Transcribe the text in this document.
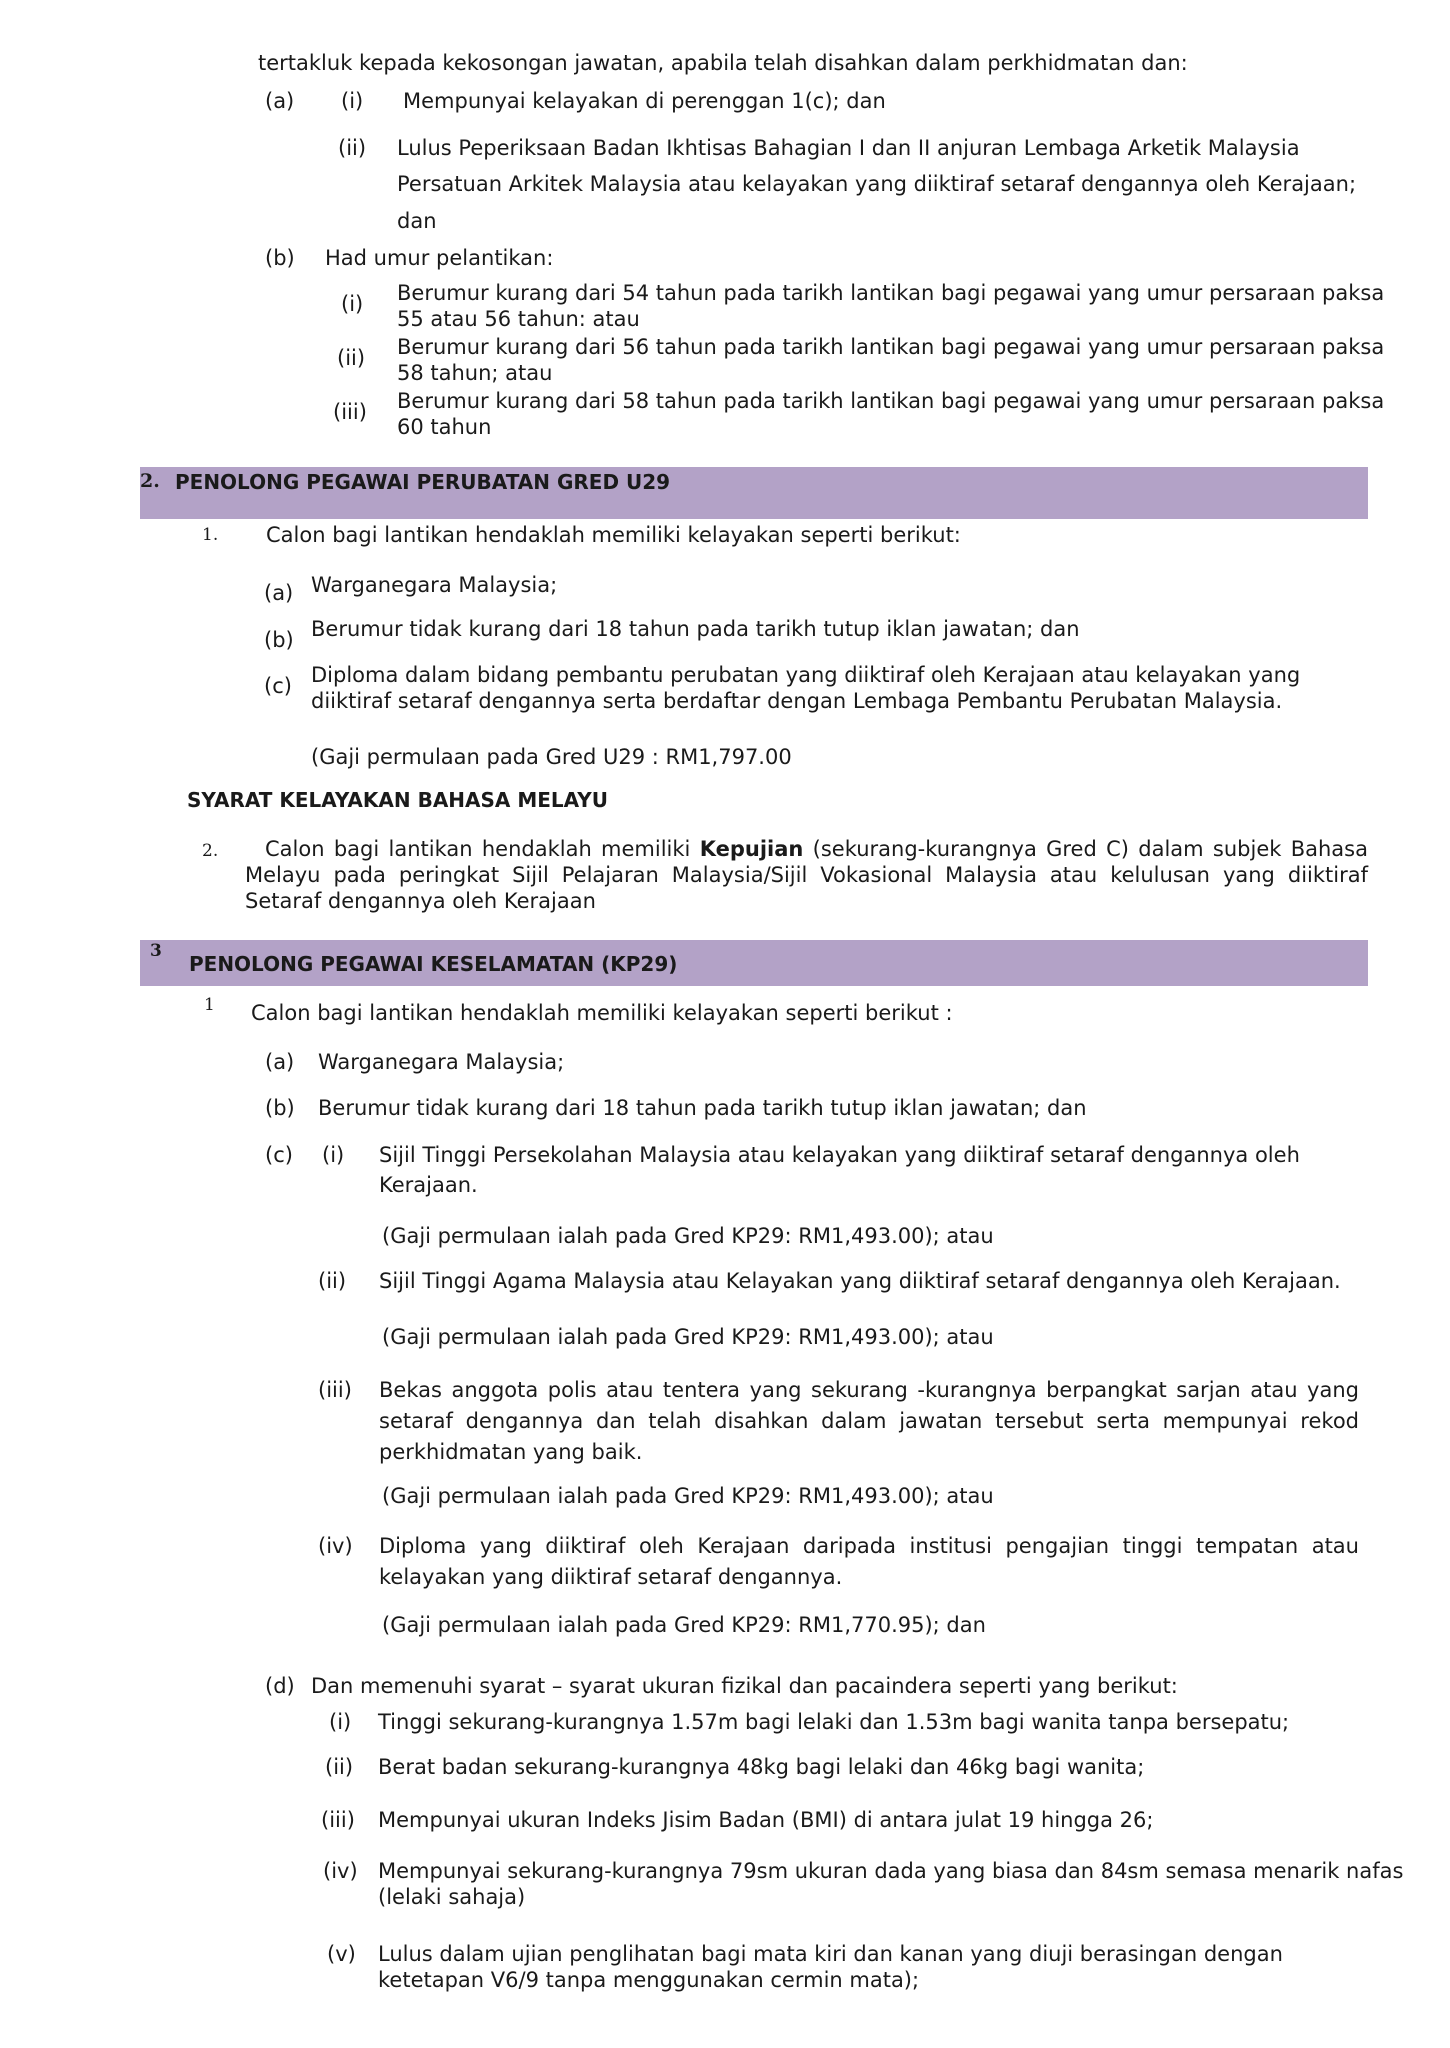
tertakluk kepada kekosongan jawatan, apabila telah disahkan dalam perkhidmatan dan:
(a) (i) Mempunyai kelayakan di perenggan 1(c); dan
(ii) Lulus Peperiksaan Badan Ikhtisas Bahagian I dan II anjuran Lembaga Arketik Malaysia
Persatuan Arkitek Malaysia atau kelayakan yang diiktiraf setaraf dengannya oleh Kerajaan;
dan
(b) Had umur pelantikan:
(i) Berumur kurang dari 54 tahun pada tarikh lantikan bagi pegawai yang umur persaraan paksa
55 atau 56 tahun: atau
(ii) Berumur kurang dari 56 tahun pada tarikh lantikan bagi pegawai yang umur persaraan paksa
58 tahun; atau
(iii) Berumur kurang dari 58 tahun pada tarikh lantikan bagi pegawai yang umur persaraan paksa
60 tahun
2. PENOLONG PEGAWAI PERUBATAN GRED U29
1. Calon bagi lantikan hendaklah memiliki kelayakan seperti berikut:
(a) Warganegara Malaysia;
(b) Berumur tidak kurang dari 18 tahun pada tarikh tutup iklan jawatan; dan
(c) Diploma dalam bidang pembantu perubatan yang diiktiraf oleh Kerajaan atau kelayakan yang
diiktiraf setaraf dengannya serta berdaftar dengan Lembaga Pembantu Perubatan Malaysia.
(Gaji permulaan pada Gred U29 : RM1,797.00
SYARAT KELAYAKAN BAHASA MELAYU
2.	Calon bagi lantikan hendaklah memiliki Kepujian (sekurang-kurangnya Gred C) dalam subjek Bahasa Melayu pada peringkat Sijil Pelajaran Malaysia/Sijil Vokasional Malaysia atau kelulusan yang diiktiraf Setaraf dengannya oleh Kerajaan
3
PENOLONG PEGAWAI KESELAMATAN (KP29)
1 Calon bagi lantikan hendaklah memiliki kelayakan seperti berikut :
(a) Warganegara Malaysia;
(b) Berumur tidak kurang dari 18 tahun pada tarikh tutup iklan jawatan; dan
(c) (i) Sijil Tinggi Persekolahan Malaysia atau kelayakan yang diiktiraf setaraf dengannya oleh Kerajaan.
(Gaji permulaan ialah pada Gred KP29: RM1,493.00); atau
(ii) Sijil Tinggi Agama Malaysia atau Kelayakan yang diiktiraf setaraf dengannya oleh Kerajaan.
(Gaji permulaan ialah pada Gred KP29: RM1,493.00); atau
(iii) Bekas anggota polis atau tentera yang sekurang -kurangnya berpangkat sarjan atau yang setaraf dengannya dan telah disahkan dalam jawatan tersebut serta mempunyai rekod perkhidmatan yang baik.
(Gaji permulaan ialah pada Gred KP29: RM1,493.00); atau
(iv) Diploma yang diiktiraf oleh Kerajaan daripada institusi pengajian tinggi tempatan atau kelayakan yang diiktiraf setaraf dengannya.
(Gaji permulaan ialah pada Gred KP29: RM1,770.95); dan
(d) Dan memenuhi syarat – syarat ukuran fizikal dan pacaindera seperti yang berikut:
(i) Tinggi sekurang-kurangnya 1.57m bagi lelaki dan 1.53m bagi wanita tanpa bersepatu;
(ii) Berat badan sekurang-kurangnya 48kg bagi lelaki dan 46kg bagi wanita;
(iii) Mempunyai ukuran Indeks Jisim Badan (BMI) di antara julat 19 hingga 26;
(iv) Mempunyai sekurang-kurangnya 79sm ukuran dada yang biasa dan 84sm semasa menarik nafas
(lelaki sahaja)
(v) Lulus dalam ujian penglihatan bagi mata kiri dan kanan yang diuji berasingan dengan
ketetapan V6/9 tanpa menggunakan cermin mata);
